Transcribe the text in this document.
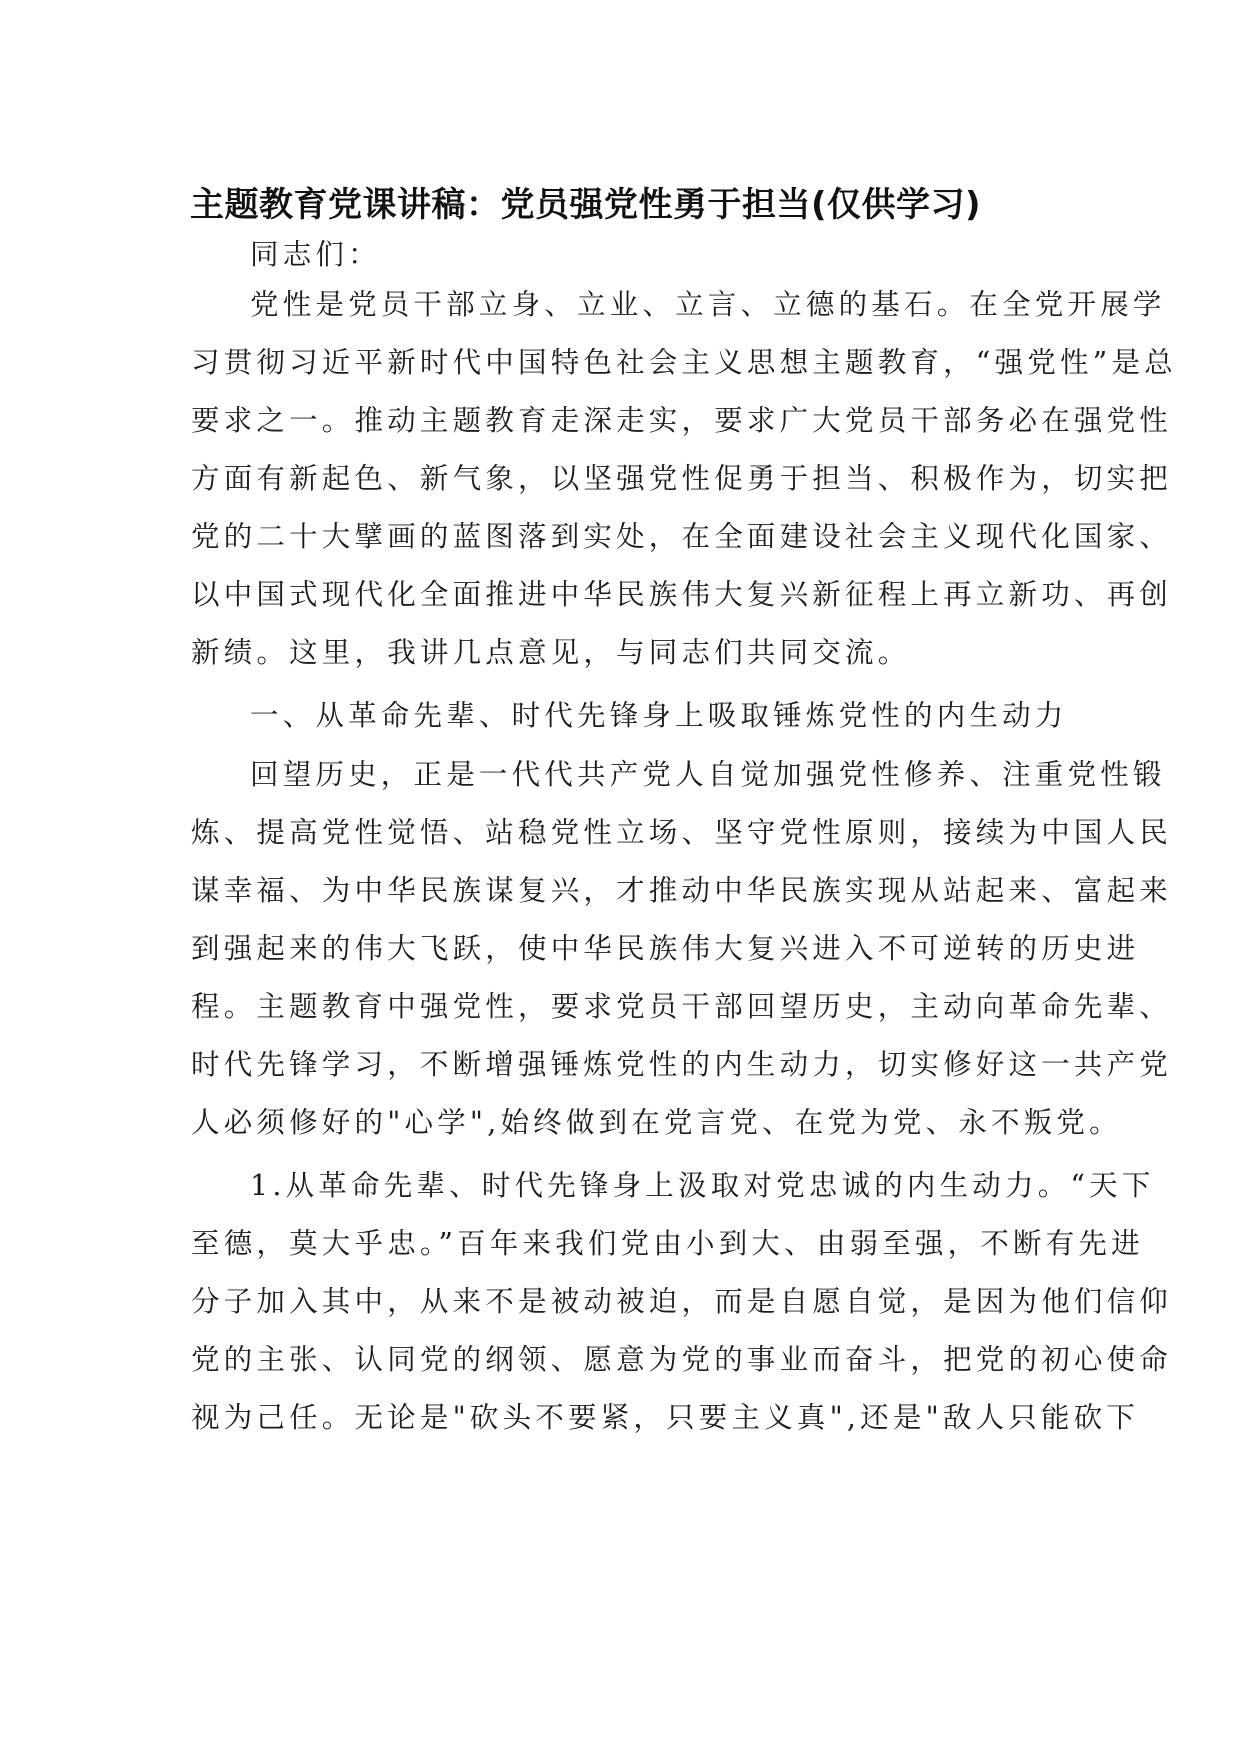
主题教育党课讲稿：党员强党性勇于担当(仅供学习)
同志们：
党性是党员干部立身、立业、立言、立德的基石。在全党开展学
习贯彻习近平新时代中国特色社会主义思想主题教育，“强党性”是总
要求之一。推动主题教育走深走实，要求广大党员干部务必在强党性
方面有新起色、新气象，以坚强党性促勇于担当、积极作为，切实把
党的二十大擘画的蓝图落到实处，在全面建设社会主义现代化国家、
以中国式现代化全面推进中华民族伟大复兴新征程上再立新功、再创
新绩。这里，我讲几点意见，与同志们共同交流。
一、从革命先辈、时代先锋身上吸取锤炼党性的内生动力
回望历史，正是一代代共产党人自觉加强党性修养、注重党性锻
炼、提高党性觉悟、站稳党性立场、坚守党性原则，接续为中国人民
谋幸福、为中华民族谋复兴，才推动中华民族实现从站起来、富起来
到强起来的伟大飞跃，使中华民族伟大复兴进入不可逆转的历史进
程。主题教育中强党性，要求党员干部回望历史，主动向革命先辈、
时代先锋学习，不断增强锤炼党性的内生动力，切实修好这一共产党
人必须修好的"心学",始终做到在党言党、在党为党、永不叛党。
1.从革命先辈、时代先锋身上汲取对党忠诚的内生动力。“天下
至德，莫大乎忠。”百年来我们党由小到大、由弱至强，不断有先进
分子加入其中，从来不是被动被迫，而是自愿自觉，是因为他们信仰
党的主张、认同党的纲领、愿意为党的事业而奋斗，把党的初心使命
视为己任。无论是"砍头不要紧，只要主义真",还是"敌人只能砍下
